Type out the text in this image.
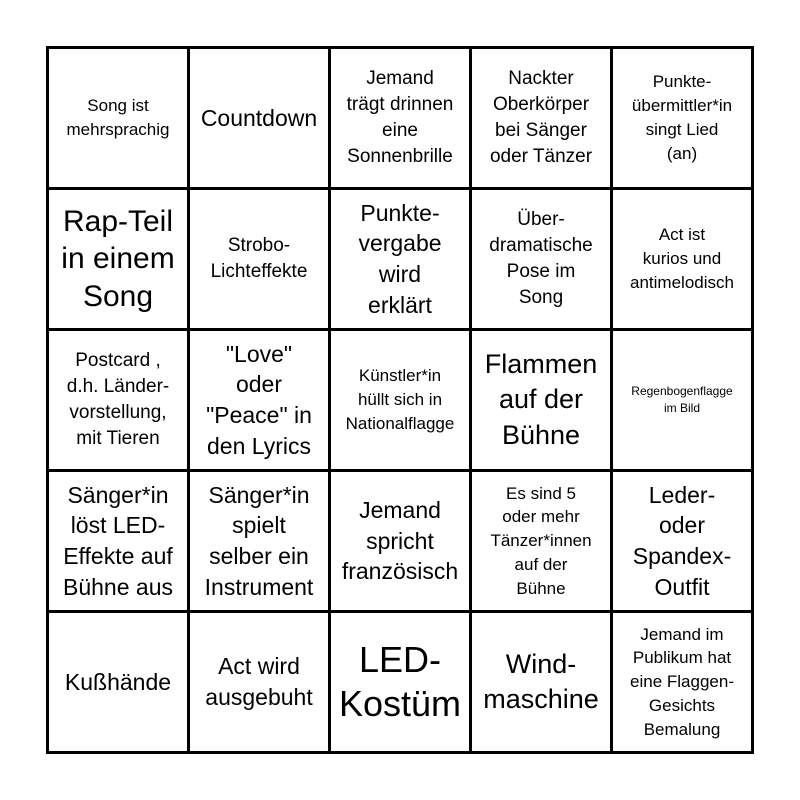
Song ist
mehrsprachig Countdown
Jemand
trägt drinnen
eine
Sonnenbrille
Nackter
Oberkörper
bei Sänger
oder Tänzer
Punkte-
übermittler*in
singt Lied
(an)
Rap-Teil
in einem
Song
Strobo-
Lichteffekte
Punkte-
vergabe
wird
erklärt
Über-
dramatische
Pose im
Song
Act ist
kurios und
antimelodisch
Postcard ,
d.h. Länder-
vorstellung,
mit Tieren
"Love"
oder
"Peace" in
den Lyrics
Künstler*in
hüllt sich in
Nationalflagge
Flammen
auf der
Bühne
Regenbogenflagge
im Bild
Sänger*in
löst LED-
Effekte auf
Bühne aus
Sänger*in
spielt
selber ein
Instrument
Jemand
spricht
französisch
Es sind 5
oder mehr
Tänzer*innen
auf der
Bühne
Leder-
oder
Spandex-
Outfit
Kußhände
Act wird
ausgebuht
LED-
Kostüm
Wind-
maschine
Jemand im
Publikum hat
eine Flaggen-
Gesichts
Bemalung
